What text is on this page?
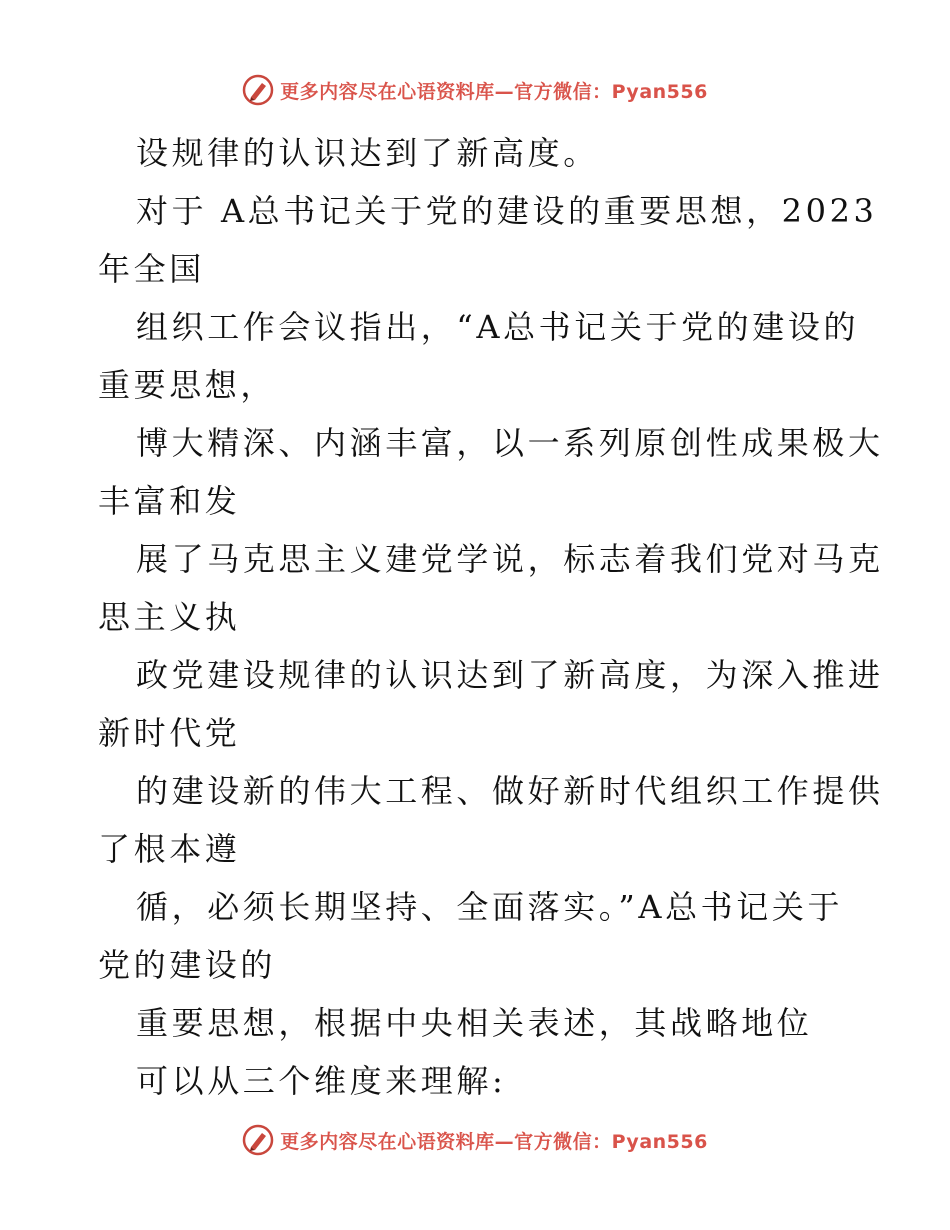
更多内容尽在心语资料库—官方微信：Pyan556
设规律的认识达到了新高度。
对于 A总书记关于党的建设的重要思想，2023
年全国
组织工作会议指出，“A总书记关于党的建设的
重要思想，
博大精深、内涵丰富，以一系列原创性成果极大
丰富和发
展了马克思主义建党学说，标志着我们党对马克
思主义执
政党建设规律的认识达到了新高度，为深入推进
新时代党
的建设新的伟大工程、做好新时代组织工作提供
了根本遵
循，必须长期坚持、全面落实。”A总书记关于
党的建设的
重要思想，根据中央相关表述，其战略地位
可以从三个维度来理解:
更多内容尽在心语资料库—官方微信：Pyan556
